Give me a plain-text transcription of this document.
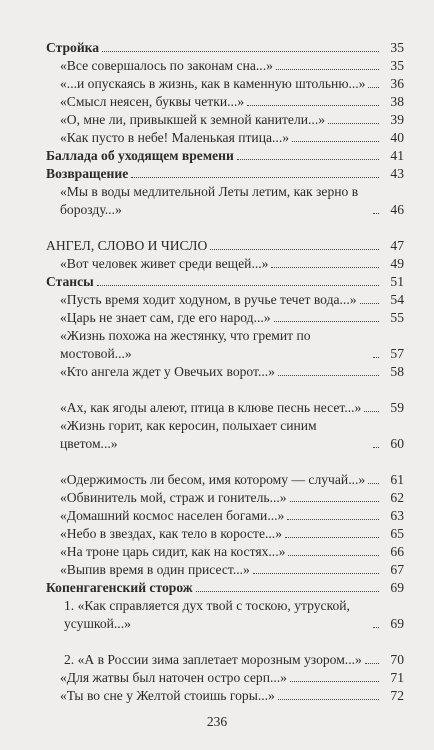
Стройка	35
«Все совершалось по законам сна...»	35
«...и опускаясь в жизнь, как в каменную штольню...»	36
«Смысл неясен, буквы четки...»	38
«О, мне ли, привыкшей к земной канители...»	39
«Как пусто в небе! Маленькая птица...»	40
Баллада об уходящем времени	41
Возвращение	43
«Мы в воды медлительной Леты летим, как зерно в борозду...»	46
АНГЕЛ, СЛОВО И ЧИСЛО	47
«Вот человек живет среди вещей...»	49
Стансы	51
«Пусть время ходит ходуном, в ручье течет вода...»	54
«Царь не знает сам, где его народ...»	55
«Жизнь похожа на жестянку, что гремит по мостовой...»	57
«Кто ангела ждет у Овечьих ворот...»	58
«Ах, как ягоды алеют, птица в клюве песнь несет...»	59
«Жизнь горит, как керосин, полыхает синим цветом...»	60
«Одержимость ли бесом, имя которому — случай...»	61
«Обвинитель мой, страж и гонитель...»	62
«Домашний космос населен богами...»	63
«Небо в звездах, как тело в коросте...»	65
«На троне царь сидит, как на костях...»	66
«Выпив время в один присест...»	67
Копенгагенский сторож	69
1. «Как справляется дух твой с тоскою, утруской, усушкой...»	69
2. «А в России зима заплетает морозным узором...»	70
«Для жатвы был наточен остро серп...»	71
«Ты во сне у Желтой стоишь горы...»	72
236
